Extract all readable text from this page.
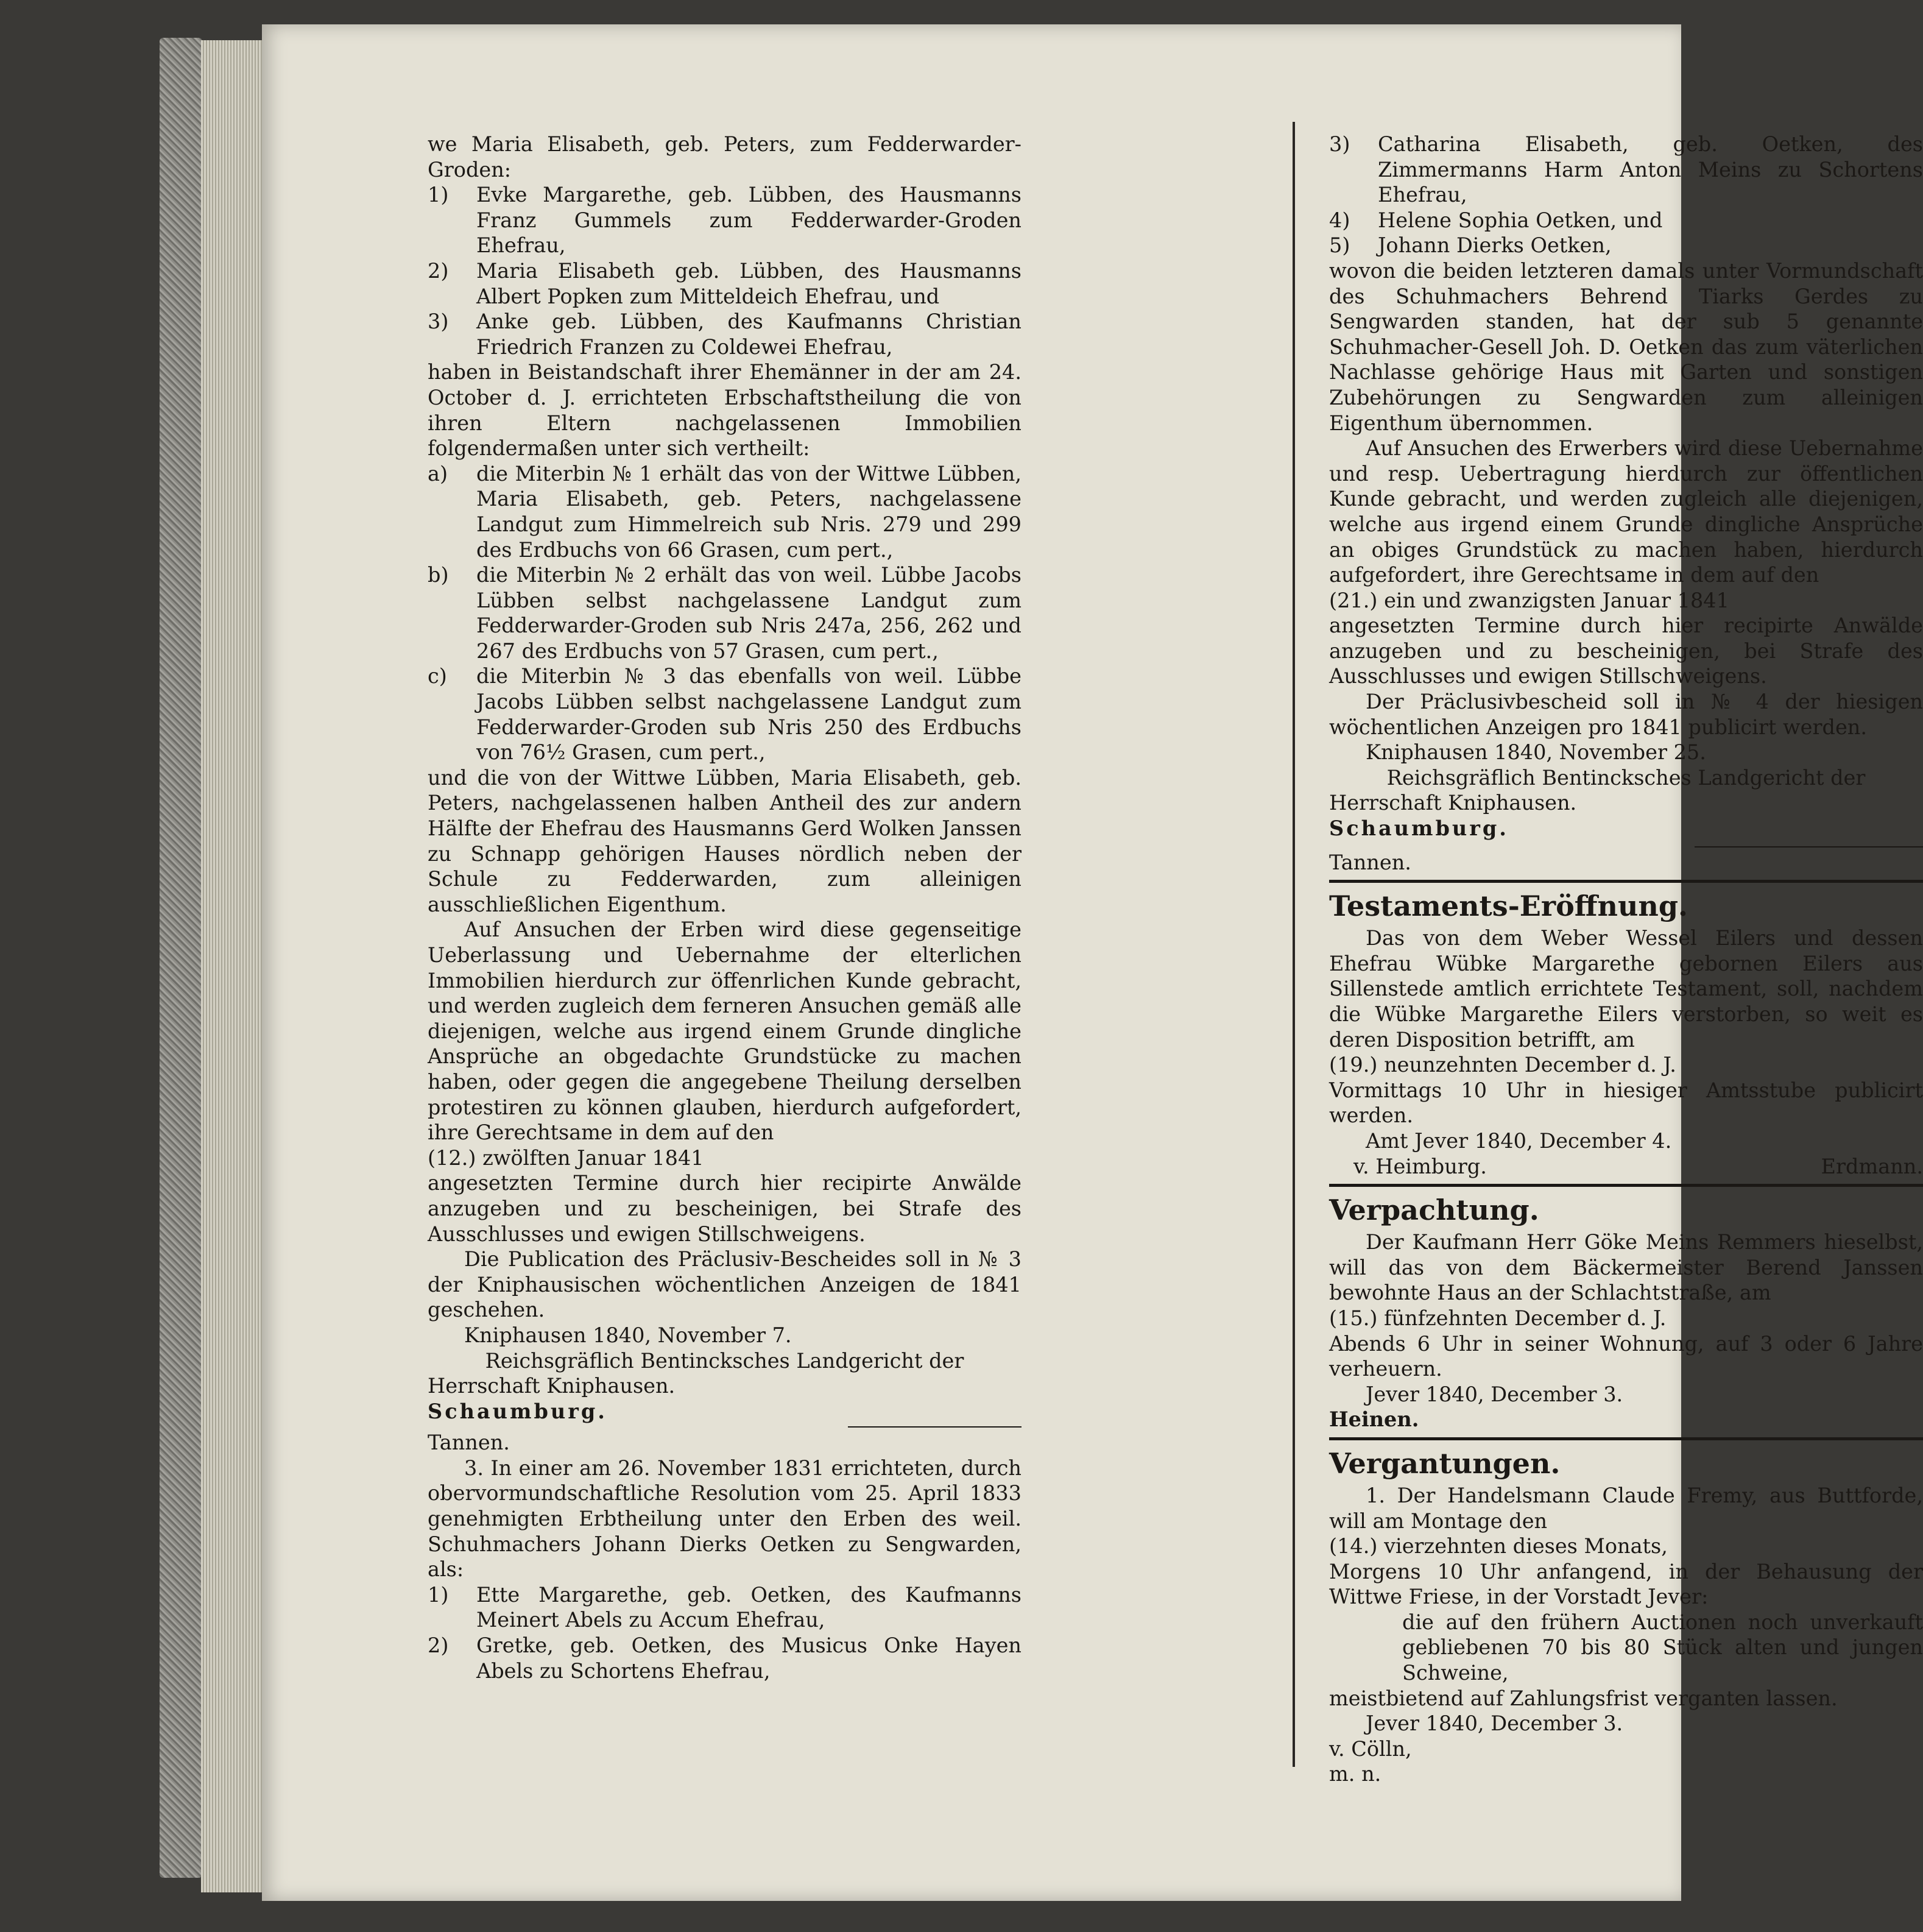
we Maria Elisabeth, geb. Peters, zum Fedderwarder-Groden:

1)	Evke Margarethe, geb. Lübben, des Hausmanns Franz Gummels zum Fedderwarder-Groden Ehefrau,
2)	Maria Elisabeth geb. Lübben, des Hausmanns Albert Popken zum Mitteldeich Ehefrau, und
3)	Anke geb. Lübben, des Kaufmanns Christian Friedrich Franzen zu Coldewei Ehefrau,

haben in Beistandschaft ihrer Ehemänner in der am 24. October d. J. errichteten Erbschaftstheilung die von ihren Eltern nachgelassenen Immobilien folgendermaßen unter sich vertheilt:

a)	die Miterbin № 1 erhält das von der Wittwe Lübben, Maria Elisabeth, geb. Peters, nachgelassene Landgut zum Himmelreich sub Nris. 279 und 299 des Erdbuchs von 66 Grasen, cum pert.,
b)	die Miterbin № 2 erhält das von weil. Lübbe Jacobs Lübben selbst nachgelassene Landgut zum Fedderwarder-Groden sub Nris 247a, 256, 262 und 267 des Erdbuchs von 57 Grasen, cum pert.,
c)	die Miterbin № 3 das ebenfalls von weil. Lübbe Jacobs Lübben selbst nachgelassene Landgut zum Fedderwarder-Groden sub Nris 250 des Erdbuchs von 76½ Grasen, cum pert.,

und die von der Wittwe Lübben, Maria Elisabeth, geb. Peters, nachgelassenen halben Antheil des zur andern Hälfte der Ehefrau des Hausmanns Gerd Wolken Janssen zu Schnapp gehörigen Hauses nördlich neben der Schule zu Fedderwarden, zum alleinigen ausschließlichen Eigenthum.

Auf Ansuchen der Erben wird diese gegenseitige Ueberlassung und Uebernahme der elterlichen Immobilien hierdurch zur öffenrlichen Kunde gebracht, und werden zugleich dem ferneren Ansuchen gemäß alle diejenigen, welche aus irgend einem Grunde dingliche Ansprüche an obgedachte Grundstücke zu machen haben, oder gegen die angegebene Theilung derselben protestiren zu können glauben, hierdurch aufgefordert, ihre Gerechtsame in dem auf den

(12.) zwölften Januar 1841

angesetzten Termine durch hier recipirte Anwälde anzugeben und zu bescheinigen, bei Strafe des Ausschlusses und ewigen Stillschweigens.

Die Publication des Präclusiv-Bescheides soll in № 3 der Kniphausischen wöchentlichen Anzeigen de 1841 geschehen.

Kniphausen 1840, November 7.

Reichsgräflich Bentincksches Landgericht der Herrschaft Kniphausen.

Schaumburg.

Tannen.

3. In einer am 26. November 1831 errichteten, durch obervormundschaftliche Resolution vom 25. April 1833 genehmigten Erbtheilung unter den Erben des weil. Schuhmachers Johann Dierks Oetken zu Sengwarden, als:

1)	Ette Margarethe, geb. Oetken, des Kaufmanns Meinert Abels zu Accum Ehefrau,
2)	Gretke, geb. Oetken, des Musicus Onke Hayen Abels zu Schortens Ehefrau,
3)	Catharina Elisabeth, geb. Oetken, des Zimmermanns Harm Anton Meins zu Schortens Ehefrau,
4)	Helene Sophia Oetken, und
5)	Johann Dierks Oetken,

wovon die beiden letzteren damals unter Vormundschaft des Schuhmachers Behrend Tiarks Gerdes zu Sengwarden standen, hat der sub 5 genannte Schuhmacher-Gesell Joh. D. Oetken das zum väterlichen Nachlasse gehörige Haus mit Garten und sonstigen Zubehörungen zu Sengwarden zum alleinigen Eigenthum übernommen.

Auf Ansuchen des Erwerbers wird diese Uebernahme und resp. Uebertragung hierdurch zur öffentlichen Kunde gebracht, und werden zugleich alle diejenigen, welche aus irgend einem Grunde dingliche Ansprüche an obiges Grundstück zu machen haben, hierdurch aufgefordert, ihre Gerechtsame in dem auf den

(21.) ein und zwanzigsten Januar 1841

angesetzten Termine durch hier recipirte Anwälde anzugeben und zu bescheinigen, bei Strafe des Ausschlusses und ewigen Stillschweigens.

Der Präclusivbescheid soll in № 4 der hiesigen wöchentlichen Anzeigen pro 1841 publicirt werden.

Kniphausen 1840, November 25.

Reichsgräflich Bentincksches Landgericht der Herrschaft Kniphausen.

Schaumburg.

Tannen.

Testaments-Eröffnung.

Das von dem Weber Wessel Eilers und dessen Ehefrau Wübke Margarethe gebornen Eilers aus Sillenstede amtlich errichtete Testament, soll, nachdem die Wübke Margarethe Eilers verstorben, so weit es deren Disposition betrifft, am

(19.) neunzehnten December d. J.

Vormittags 10 Uhr in hiesiger Amtsstube publicirt werden.

Amt Jever 1840, December 4.

v. Heimburg.	Erdmann.

Verpachtung.

Der Kaufmann Herr Göke Meins Remmers hieselbst, will das von dem Bäckermeister Berend Janssen bewohnte Haus an der Schlachtstraße, am

(15.) fünfzehnten December d. J.

Abends 6 Uhr in seiner Wohnung, auf 3 oder 6 Jahre verheuern.

Jever 1840, December 3.

Heinen.

Vergantungen.

1. Der Handelsmann Claude Fremy, aus Buttforde, will am Montage den

(14.) vierzehnten dieses Monats,

Morgens 10 Uhr anfangend, in der Behausung der Wittwe Friese, in der Vorstadt Jever:

die auf den frühern Auctionen noch unverkauft gebliebenen 70 bis 80 Stück alten und jungen Schweine,

meistbietend auf Zahlungsfrist verganten lassen.

Jever 1840, December 3.

v. Cölln,

m. n.
